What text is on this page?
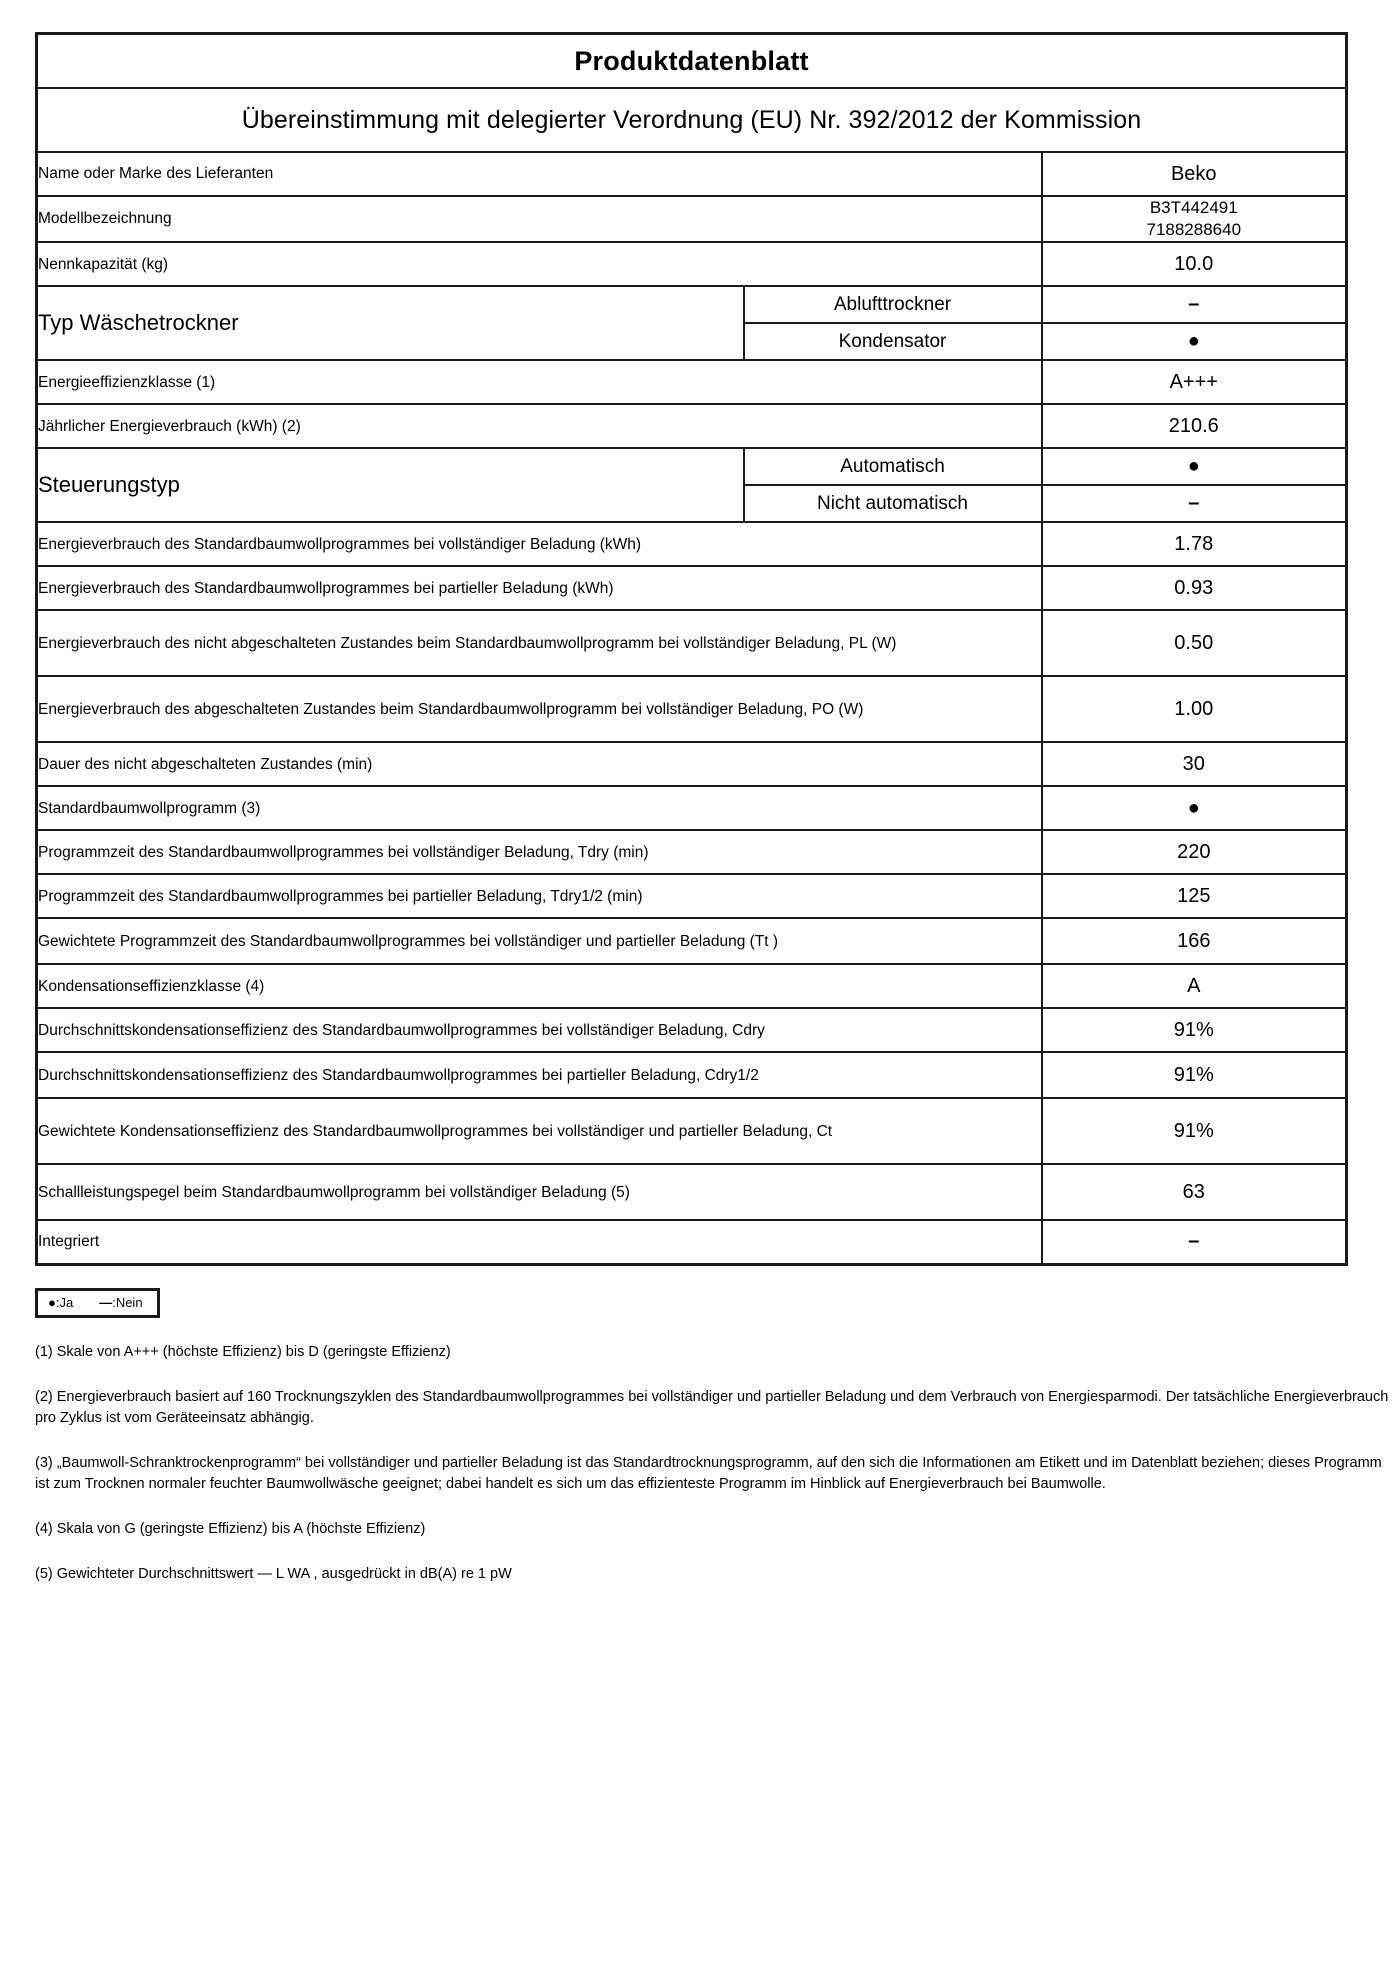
Produktdatenblatt		
Übereinstimmung mit delegierter Verordnung (EU) Nr. 392/2012 der Kommission		
Name oder Marke des Lieferanten		Beko
Modellbezeichnung		B3T442491
7188288640

Nennkapazität (kg)		10.0
Typ Wäschetrockner	Ablufttrockner	–
	Kondensator	●
Energieeffizienzklasse (1)		A+++
Jährlicher Energieverbrauch (kWh) (2)		210.6
Steuerungstyp	Automatisch	●
	Nicht automatisch	–
Energieverbrauch des Standardbaumwollprogrammes bei vollständiger Beladung (kWh)		1.78
Energieverbrauch des Standardbaumwollprogrammes bei partieller Beladung (kWh)		0.93
Energieverbrauch des nicht abgeschalteten Zustandes beim Standardbaumwollprogramm bei vollständiger Beladung, PL (W)		0.50
Energieverbrauch des abgeschalteten Zustandes beim Standardbaumwollprogramm bei vollständiger Beladung, PO (W)		1.00
Dauer des nicht abgeschalteten Zustandes (min)		30
Standardbaumwollprogramm (3)		●
Programmzeit des Standardbaumwollprogrammes bei vollständiger Beladung, Tdry (min)		220
Programmzeit des Standardbaumwollprogrammes bei partieller Beladung, Tdry1/2 (min)		125
Gewichtete Programmzeit des Standardbaumwollprogrammes bei vollständiger und partieller Beladung (Tt )		166
Kondensationseffizienzklasse (4)		A
Durchschnittskondensationseffizienz des Standardbaumwollprogrammes bei vollständiger Beladung, Cdry		91%
Durchschnittskondensationseffizienz des Standardbaumwollprogrammes bei partieller Beladung, Cdry1/2		91%
Gewichtete Kondensationseffizienz des Standardbaumwollprogrammes bei vollständiger und partieller Beladung, Ct		91%
Schallleistungspegel beim Standardbaumwollprogramm bei vollständiger Beladung (5)		63
Integriert		–
●:Ja —:Nein
(1) Skale von A+++ (höchste Effizienz) bis D (geringste Effizienz)
(2) Energieverbrauch basiert auf 160 Trocknungszyklen des Standardbaumwollprogrammes bei vollständiger und partieller Beladung und dem Verbrauch von Energiesparmodi. Der tatsächliche Energieverbrauch pro Zyklus ist vom Geräteeinsatz abhängig.
(3) „Baumwoll-Schranktrockenprogramm“ bei vollständiger und partieller Beladung ist das Standardtrocknungsprogramm, auf den sich die Informationen am Etikett und im Datenblatt beziehen; dieses Programm ist zum Trocknen normaler feuchter Baumwollwäsche geeignet; dabei handelt es sich um das effizienteste Programm im Hinblick auf Energieverbrauch bei Baumwolle.
(4) Skala von G (geringste Effizienz) bis A (höchste Effizienz)
(5) Gewichteter Durchschnittswert — L WA , ausgedrückt in dB(A) re 1 pW
